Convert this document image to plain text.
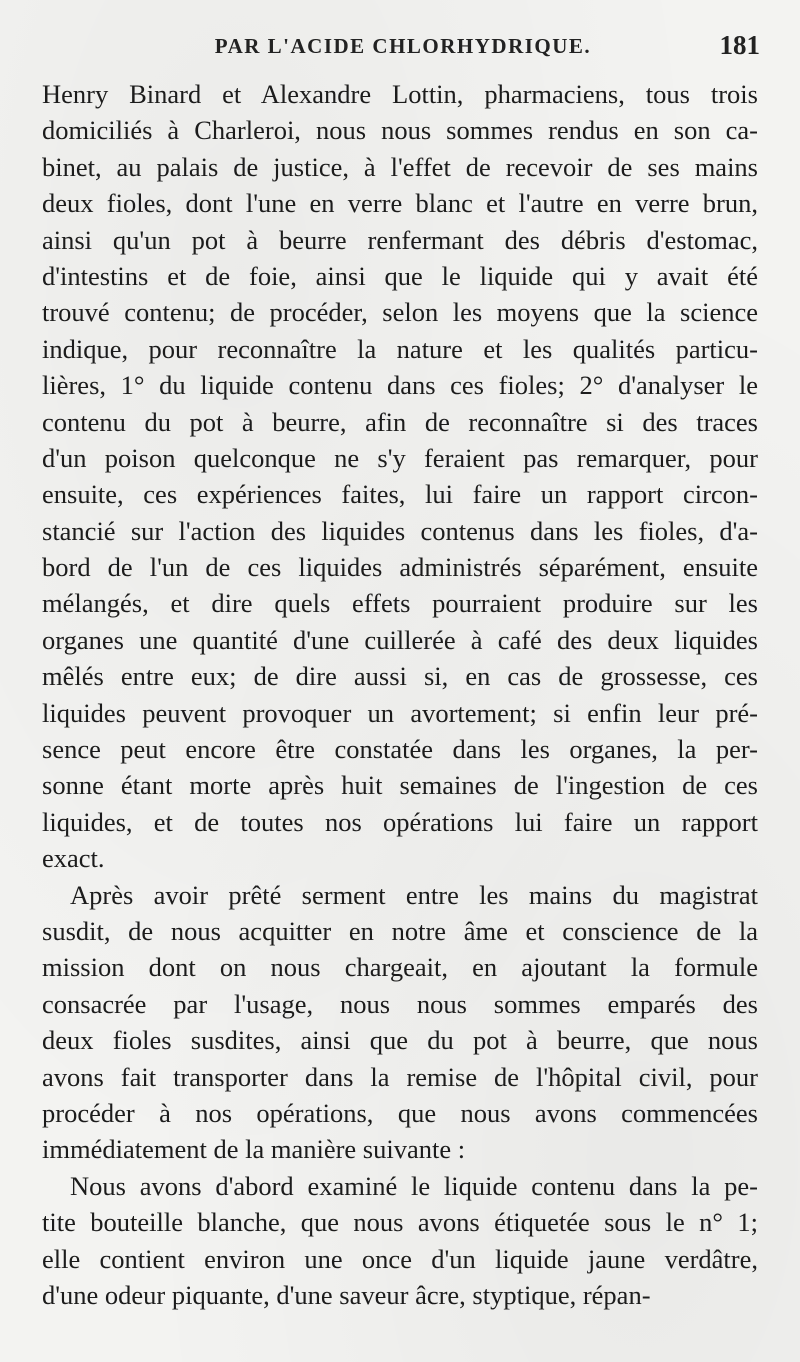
PAR L'ACIDE CHLORHYDRIQUE.	181
Henry Binard et Alexandre Lottin, pharmaciens, tous trois
domiciliés à Charleroi, nous nous sommes rendus en son ca-
binet, au palais de justice, à l'effet de recevoir de ses mains
deux fioles, dont l'une en verre blanc et l'autre en verre brun,
ainsi qu'un pot à beurre renfermant des débris d'estomac,
d'intestins et de foie, ainsi que le liquide qui y avait été
trouvé contenu; de procéder, selon les moyens que la science
indique, pour reconnaître la nature et les qualités particu-
lières, 1° du liquide contenu dans ces fioles; 2° d'analyser le
contenu du pot à beurre, afin de reconnaître si des traces
d'un poison quelconque ne s'y feraient pas remarquer, pour
ensuite, ces expériences faites, lui faire un rapport circon-
stancié sur l'action des liquides contenus dans les fioles, d'a-
bord de l'un de ces liquides administrés séparément, ensuite
mélangés, et dire quels effets pourraient produire sur les
organes une quantité d'une cuillerée à café des deux liquides
mêlés entre eux; de dire aussi si, en cas de grossesse, ces
liquides peuvent provoquer un avortement; si enfin leur pré-
sence peut encore être constatée dans les organes, la per-
sonne étant morte après huit semaines de l'ingestion de ces
liquides, et de toutes nos opérations lui faire un rapport
exact.
Après avoir prêté serment entre les mains du magistrat
susdit, de nous acquitter en notre âme et conscience de la
mission dont on nous chargeait, en ajoutant la formule
consacrée par l'usage, nous nous sommes emparés des
deux fioles susdites, ainsi que du pot à beurre, que nous
avons fait transporter dans la remise de l'hôpital civil, pour
procéder à nos opérations, que nous avons commencées
immédiatement de la manière suivante :
Nous avons d'abord examiné le liquide contenu dans la pe-
tite bouteille blanche, que nous avons étiquetée sous le n° 1;
elle contient environ une once d'un liquide jaune verdâtre,
d'une odeur piquante, d'une saveur âcre, styptique, répan-
